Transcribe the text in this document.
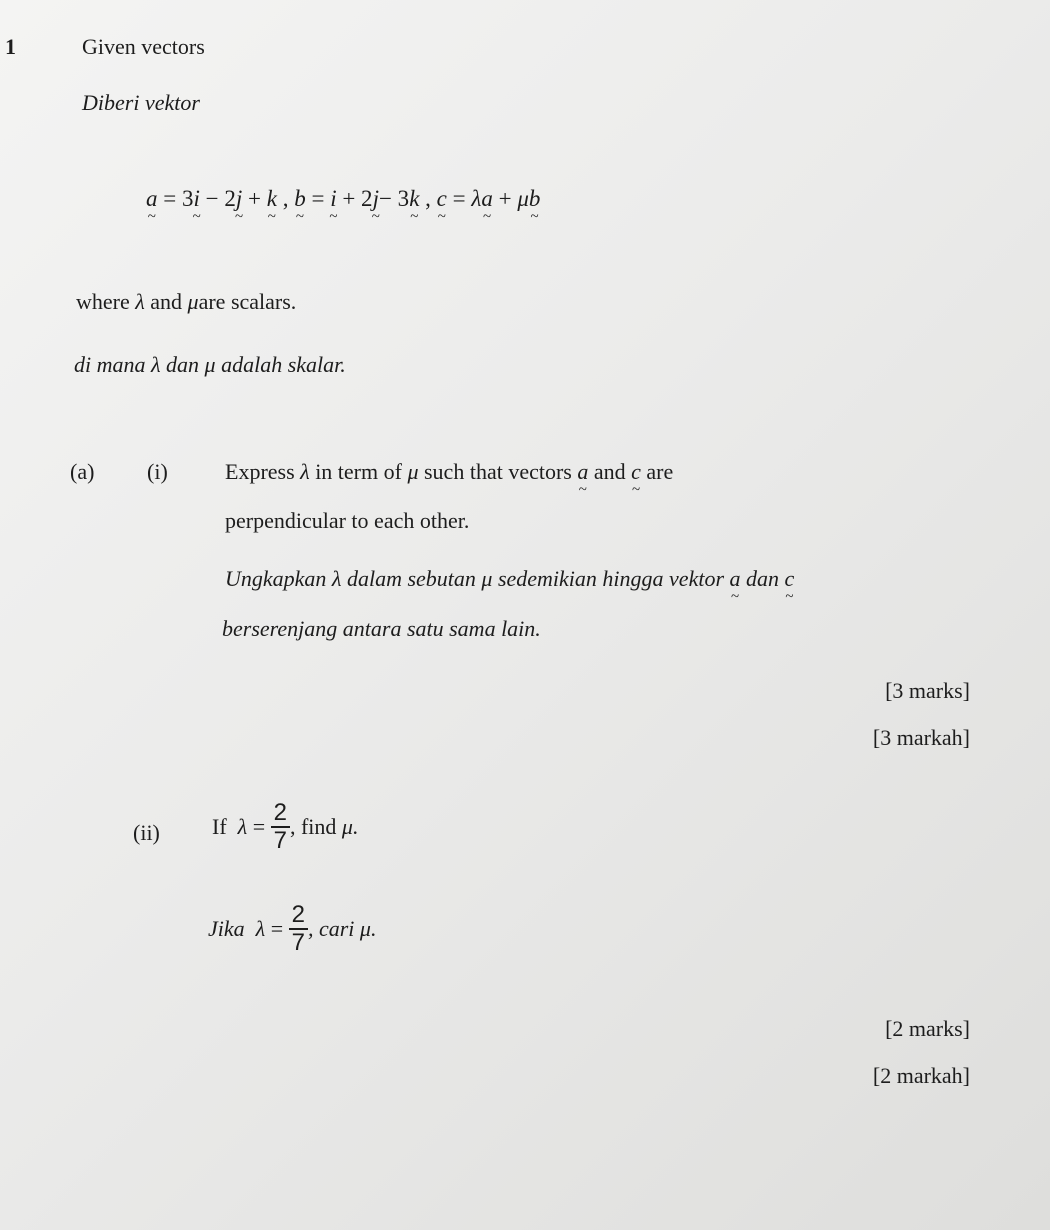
1	Given vectors
Diberi vektor
a ~ = 3i ~ − 2j ~ + k ~ , b ~ = i ~ + 2j ~− 3k ~ , c ~ = λa ~ + μb ~
where λ and μare scalars.
di mana λ dan μ adalah skalar.
(a) (i)	Express λ in term of μ such that vectors a ~ and c ~ are
perpendicular to each other.
Ungkapkan λ dalam sebutan μ sedemikian hingga vektor a ~ dan c ~
berserenjang antara satu sama lain.
[3 marks]
[3 markah]
(ii) If
λ
=
$\frac{2}{7}$ , find
μ.
Jika
λ
=
$\frac{2}{7}$ , cari
μ.
[2 marks]
[2 markah]
